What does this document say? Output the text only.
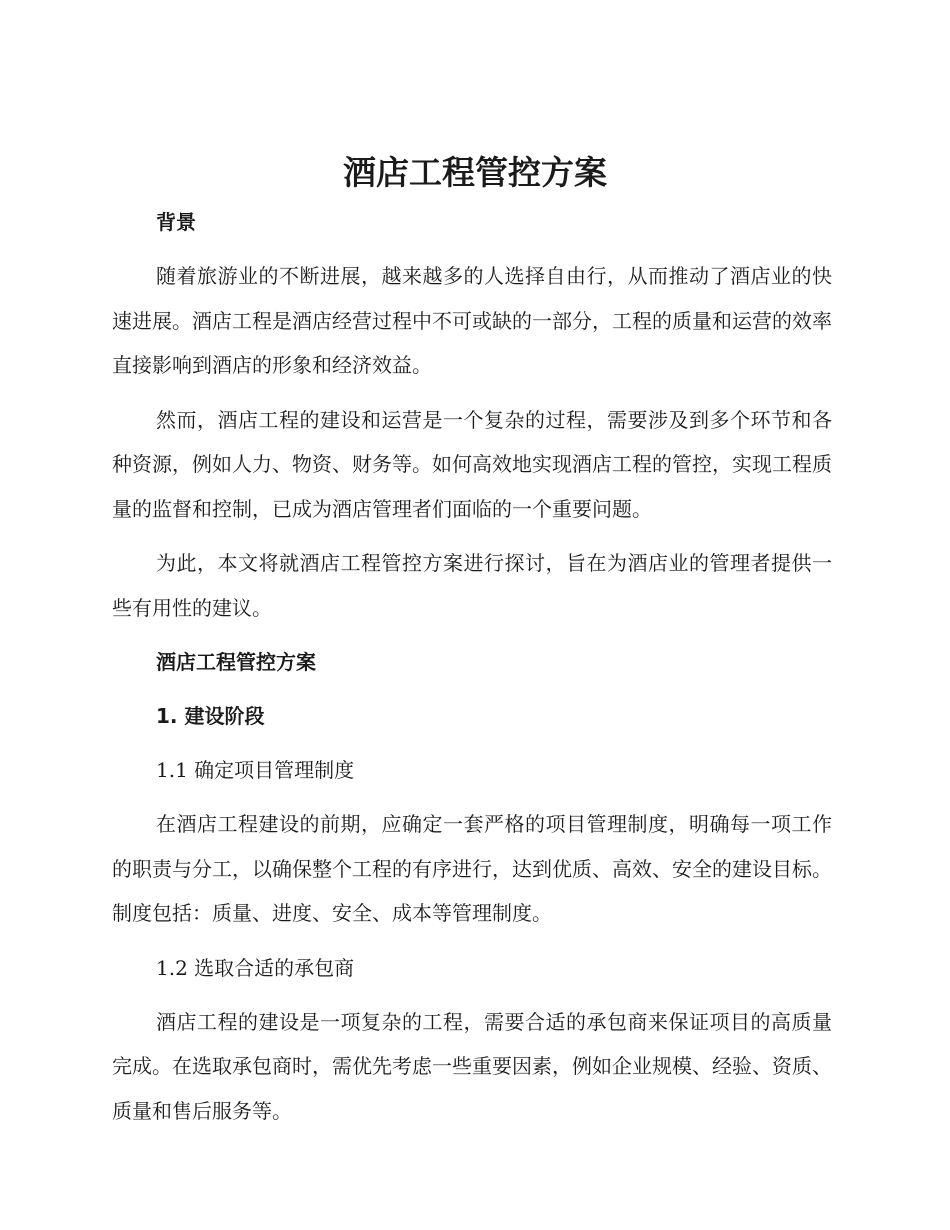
酒店工程管控方案
背景

随着旅游业的不断进展，越来越多的人选择自由行，从而推动了酒店业的快速进展。酒店工程是酒店经营过程中不可或缺的一部分，工程的质量和运营的效率直接影响到酒店的形象和经济效益。

然而，酒店工程的建设和运营是一个复杂的过程，需要涉及到多个环节和各种资源，例如人力、物资、财务等。如何高效地实现酒店工程的管控，实现工程质量的监督和控制，已成为酒店管理者们面临的一个重要问题。

为此，本文将就酒店工程管控方案进行探讨，旨在为酒店业的管理者提供一些有用性的建议。

酒店工程管控方案
1. 建设阶段
1.1 确定项目管理制度

在酒店工程建设的前期，应确定一套严格的项目管理制度，明确每一项工作的职责与分工，以确保整个工程的有序进行，达到优质、高效、安全的建设目标。制度包括：质量、进度、安全、成本等管理制度。

1.2 选取合适的承包商

酒店工程的建设是一项复杂的工程，需要合适的承包商来保证项目的高质量完成。在选取承包商时，需优先考虑一些重要因素，例如企业规模、经验、资质、质量和售后服务等。
